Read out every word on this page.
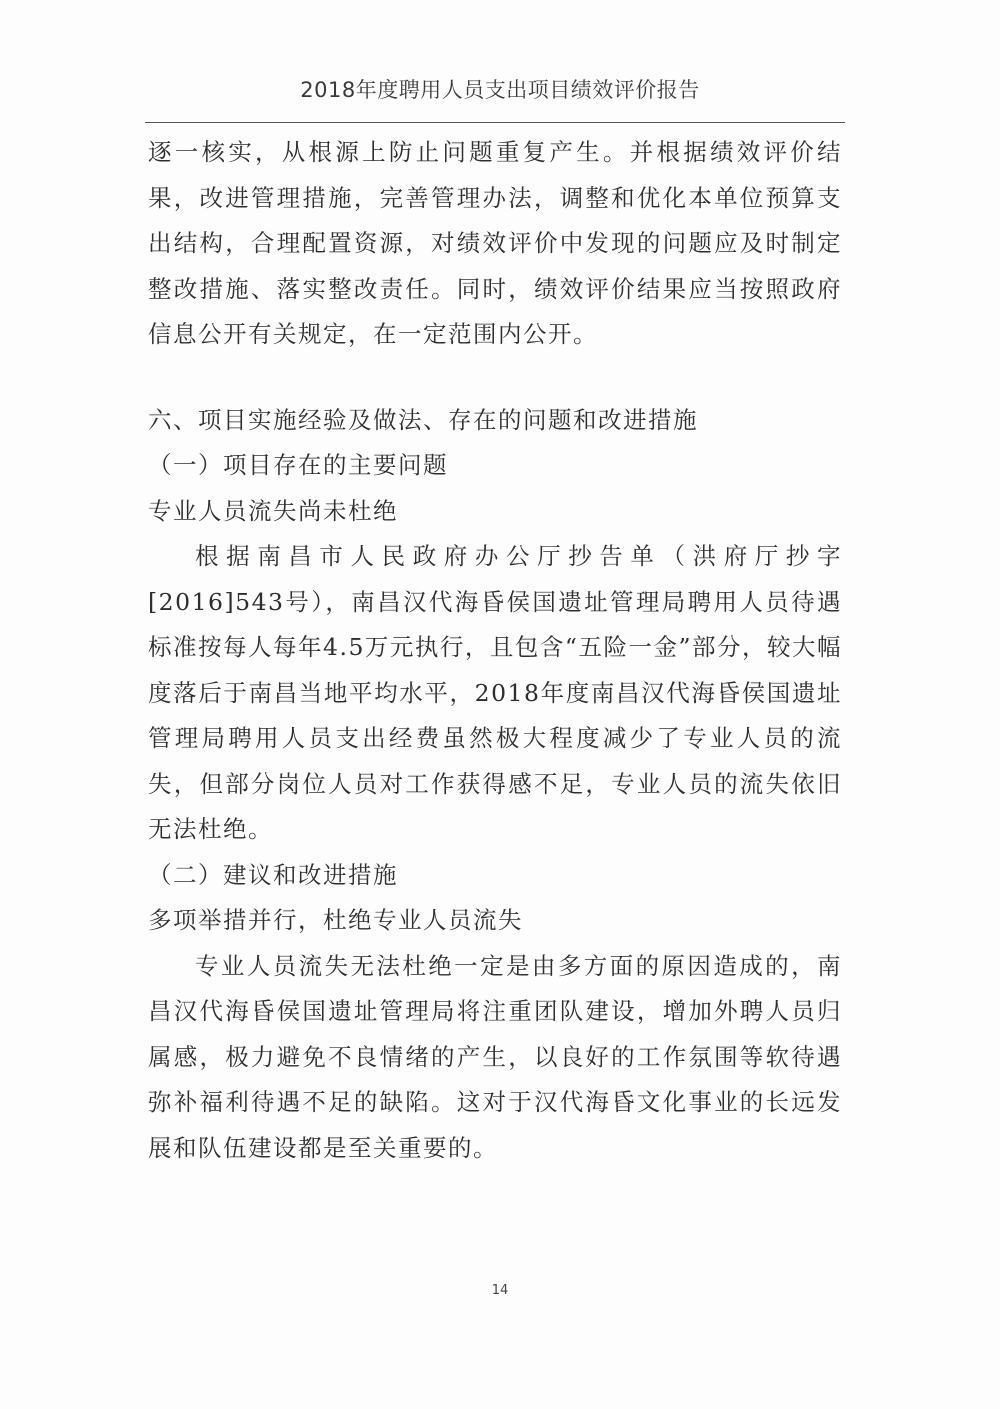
2018年度聘用人员支出项目绩效评价报告

逐一核实，从根源上防止问题重复产生。并根据绩效评价结果，改进管理措施，完善管理办法，调整和优化本单位预算支出结构，合理配置资源，对绩效评价中发现的问题应及时制定整改措施、落实整改责任。同时，绩效评价结果应当按照政府信息公开有关规定，在一定范围内公开。

六、项目实施经验及做法、存在的问题和改进措施

（一）项目存在的主要问题

专业人员流失尚未杜绝

根据南昌市人民政府办公厅抄告单（洪府厅抄字[2016]543号），南昌汉代海昏侯国遗址管理局聘用人员待遇标准按每人每年4.5万元执行，且包含“五险一金”部分，较大幅度落后于南昌当地平均水平，2018年度南昌汉代海昏侯国遗址管理局聘用人员支出经费虽然极大程度减少了专业人员的流失，但部分岗位人员对工作获得感不足，专业人员的流失依旧无法杜绝。

（二）建议和改进措施

多项举措并行，杜绝专业人员流失

专业人员流失无法杜绝一定是由多方面的原因造成的，南昌汉代海昏侯国遗址管理局将注重团队建设，增加外聘人员归属感，极力避免不良情绪的产生，以良好的工作氛围等软待遇弥补福利待遇不足的缺陷。这对于汉代海昏文化事业的长远发展和队伍建设都是至关重要的。

14
